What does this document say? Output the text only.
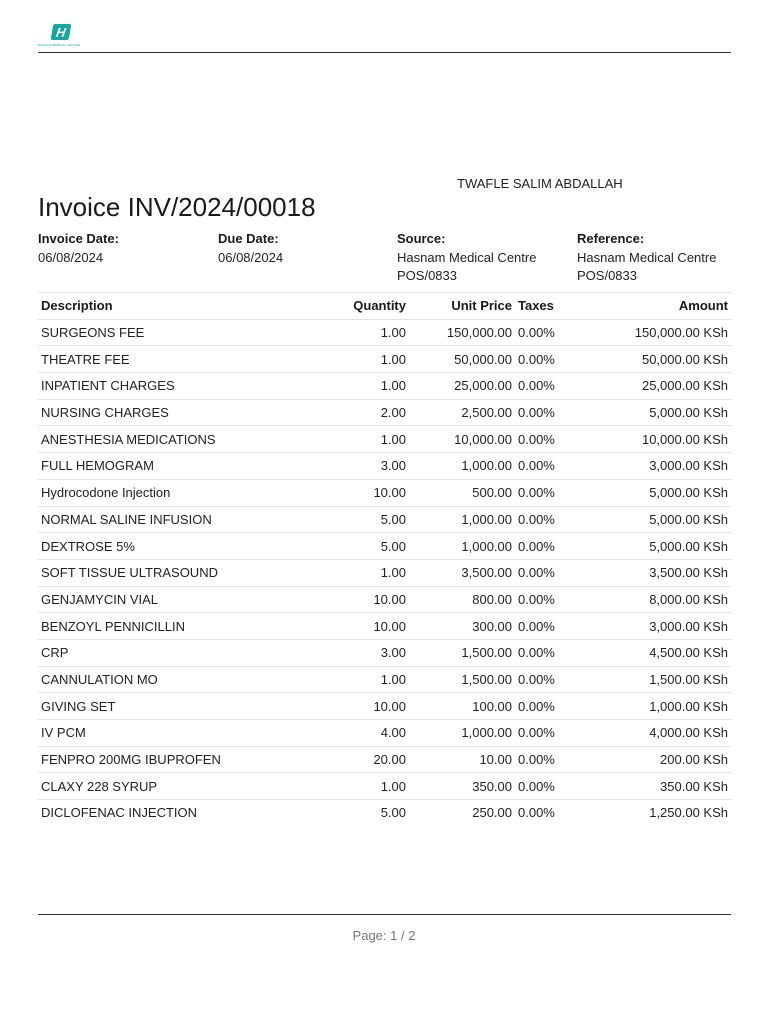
H
HASNAM MEDICAL CENTRE
TWAFLE SALIM ABDALLAH
Invoice INV/2024/00018
Invoice Date:
06/08/2024
Due Date:
06/08/2024
Source:
Hasnam Medical Centre
POS/0833
Reference:
Hasnam Medical Centre
POS/0833
Description	Quantity	Unit Price	Taxes	Amount
SURGEONS FEE	1.00	150,000.00	0.00%	150,000.00 KSh
THEATRE FEE	1.00	50,000.00	0.00%	50,000.00 KSh
INPATIENT CHARGES	1.00	25,000.00	0.00%	25,000.00 KSh
NURSING CHARGES	2.00	2,500.00	0.00%	5,000.00 KSh
ANESTHESIA MEDICATIONS	1.00	10,000.00	0.00%	10,000.00 KSh
FULL HEMOGRAM	3.00	1,000.00	0.00%	3,000.00 KSh
Hydrocodone Injection	10.00	500.00	0.00%	5,000.00 KSh
NORMAL SALINE INFUSION	5.00	1,000.00	0.00%	5,000.00 KSh
DEXTROSE 5%	5.00	1,000.00	0.00%	5,000.00 KSh
SOFT TISSUE ULTRASOUND	1.00	3,500.00	0.00%	3,500.00 KSh
GENJAMYCIN VIAL	10.00	800.00	0.00%	8,000.00 KSh
BENZOYL PENNICILLIN	10.00	300.00	0.00%	3,000.00 KSh
CRP	3.00	1,500.00	0.00%	4,500.00 KSh
CANNULATION MO	1.00	1,500.00	0.00%	1,500.00 KSh
GIVING SET	10.00	100.00	0.00%	1,000.00 KSh
IV PCM	4.00	1,000.00	0.00%	4,000.00 KSh
FENPRO 200MG IBUPROFEN	20.00	10.00	0.00%	200.00 KSh
CLAXY 228 SYRUP	1.00	350.00	0.00%	350.00 KSh
DICLOFENAC INJECTION	5.00	250.00	0.00%	1,250.00 KSh
Page: 1 / 2
